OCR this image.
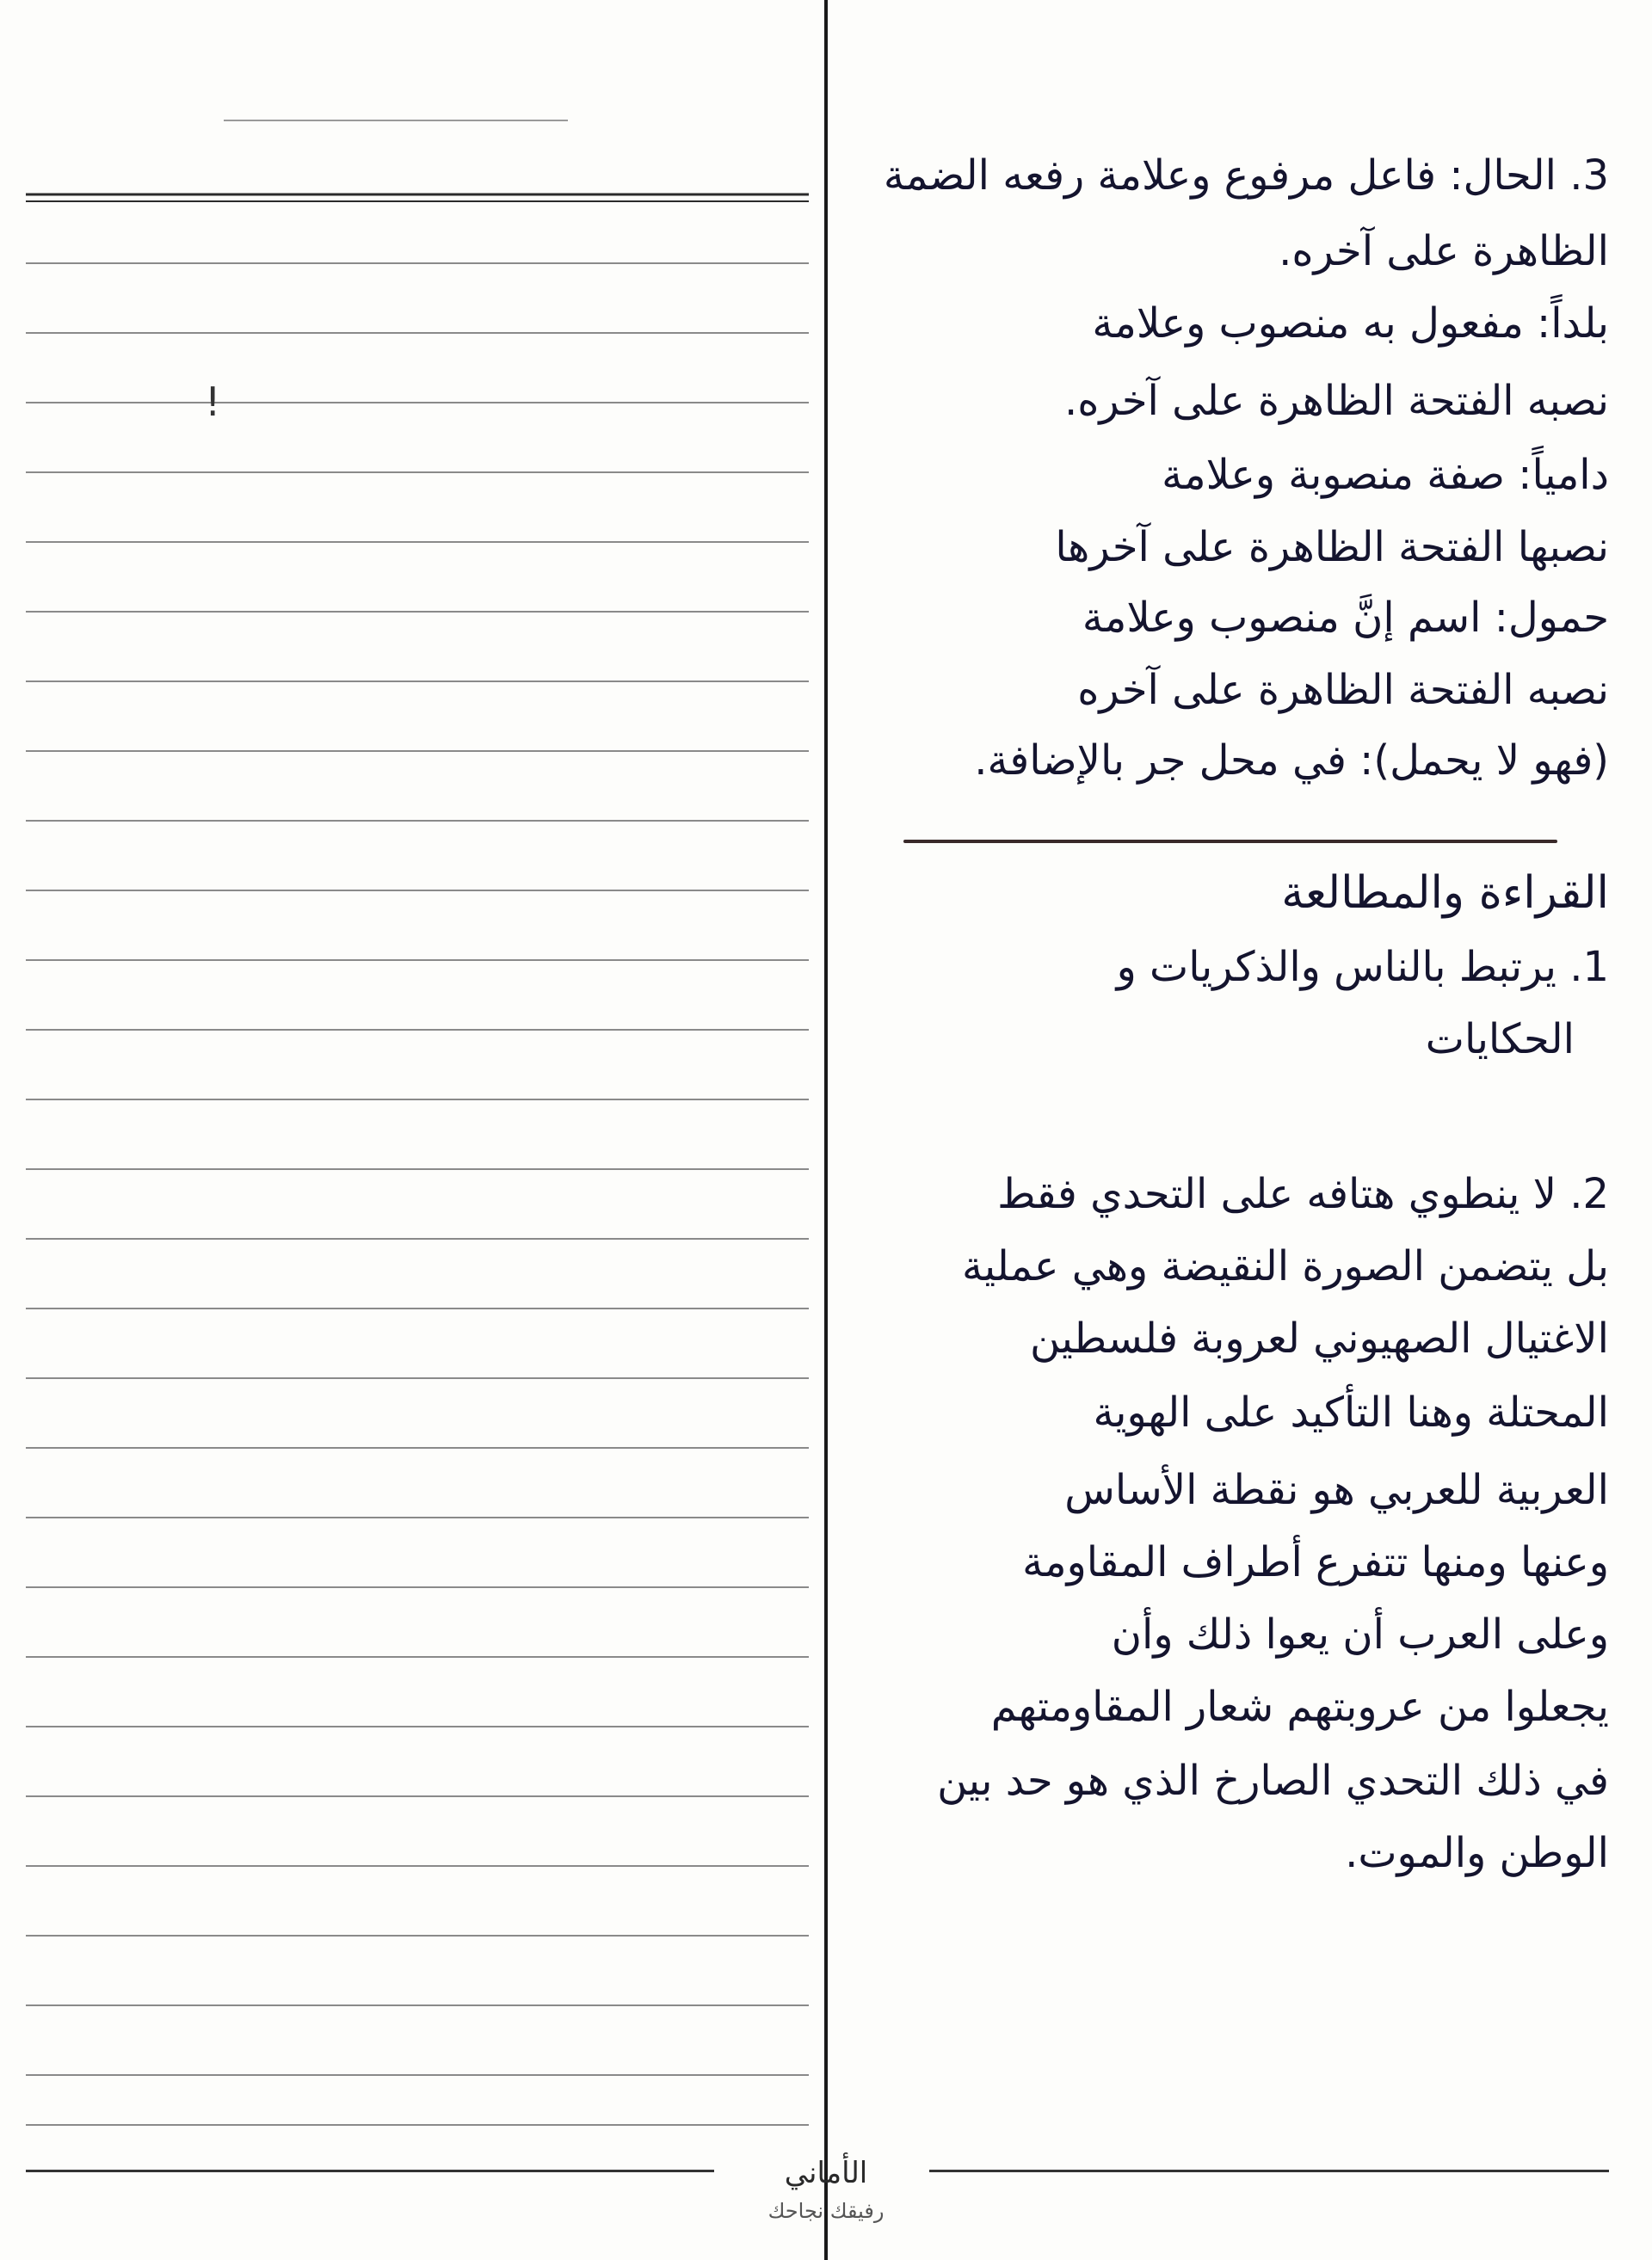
!
3. الحال: فاعل مرفوع وعلامة رفعه الضمة
الظاهرة على آخره.
بلداً: مفعول به منصوب وعلامة
نصبه الفتحة الظاهرة على آخره.
دامياً: صفة منصوبة وعلامة
نصبها الفتحة الظاهرة على آخرها
حمول: اسم إنَّ منصوب وعلامة
نصبه الفتحة الظاهرة على آخره
(فهو لا يحمل): في محل جر بالإضافة.
القراءة والمطالعة
1. يرتبط بالناس والذكريات و
الحكايات
2. لا ينطوي هتافه على التحدي فقط
بل يتضمن الصورة النقيضة وهي عملية
الاغتيال الصهيوني لعروبة فلسطين
المحتلة وهنا التأكيد على الهوية
العربية للعربي هو نقطة الأساس
وعنها ومنها تتفرع أطراف المقاومة
وعلى العرب أن يعوا ذلك وأن
يجعلوا من عروبتهم شعار المقاومتهم
في ذلك التحدي الصارخ الذي هو حد بين
الوطن والموت.
الأماني
رفيقك نجاحك
